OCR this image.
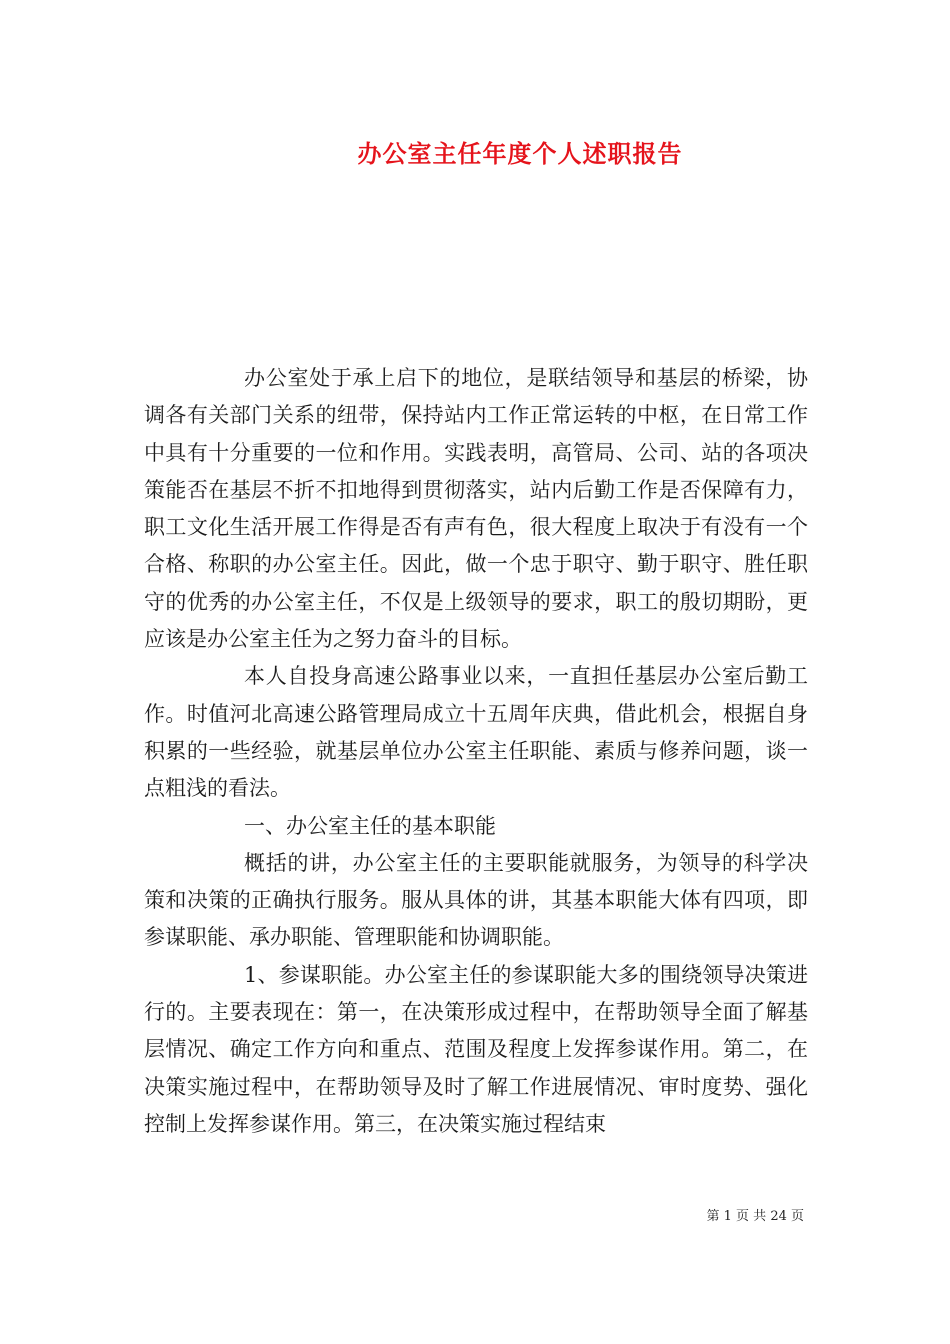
办公室主任年度个人述职报告

办公室处于承上启下的地位，是联结领导和基层的桥梁，协调各有关部门关系的纽带，保持站内工作正常运转的中枢，在日常工作中具有十分重要的一位和作用。实践表明，高管局、公司、站的各项决策能否在基层不折不扣地得到贯彻落实，站内后勤工作是否保障有力，职工文化生活开展工作得是否有声有色，很大程度上取决于有没有一个合格、称职的办公室主任。因此，做一个忠于职守、勤于职守、胜任职守的优秀的办公室主任，不仅是上级领导的要求，职工的殷切期盼，更应该是办公室主任为之努力奋斗的目标。

本人自投身高速公路事业以来，一直担任基层办公室后勤工作。时值河北高速公路管理局成立十五周年庆典，借此机会，根据自身积累的一些经验，就基层单位办公室主任职能、素质与修养问题，谈一点粗浅的看法。

一、办公室主任的基本职能

概括的讲，办公室主任的主要职能就服务，为领导的科学决策和决策的正确执行服务。服从具体的讲，其基本职能大体有四项，即参谋职能、承办职能、管理职能和协调职能。

1、参谋职能。办公室主任的参谋职能大多的围绕领导决策进行的。主要表现在：第一，在决策形成过程中，在帮助领导全面了解基层情况、确定工作方向和重点、范围及程度上发挥参谋作用。第二，在决策实施过程中，在帮助领导及时了解工作进展情况、审时度势、强化控制上发挥参谋作用。第三，在决策实施过程结束

第 1 页 共 24 页
